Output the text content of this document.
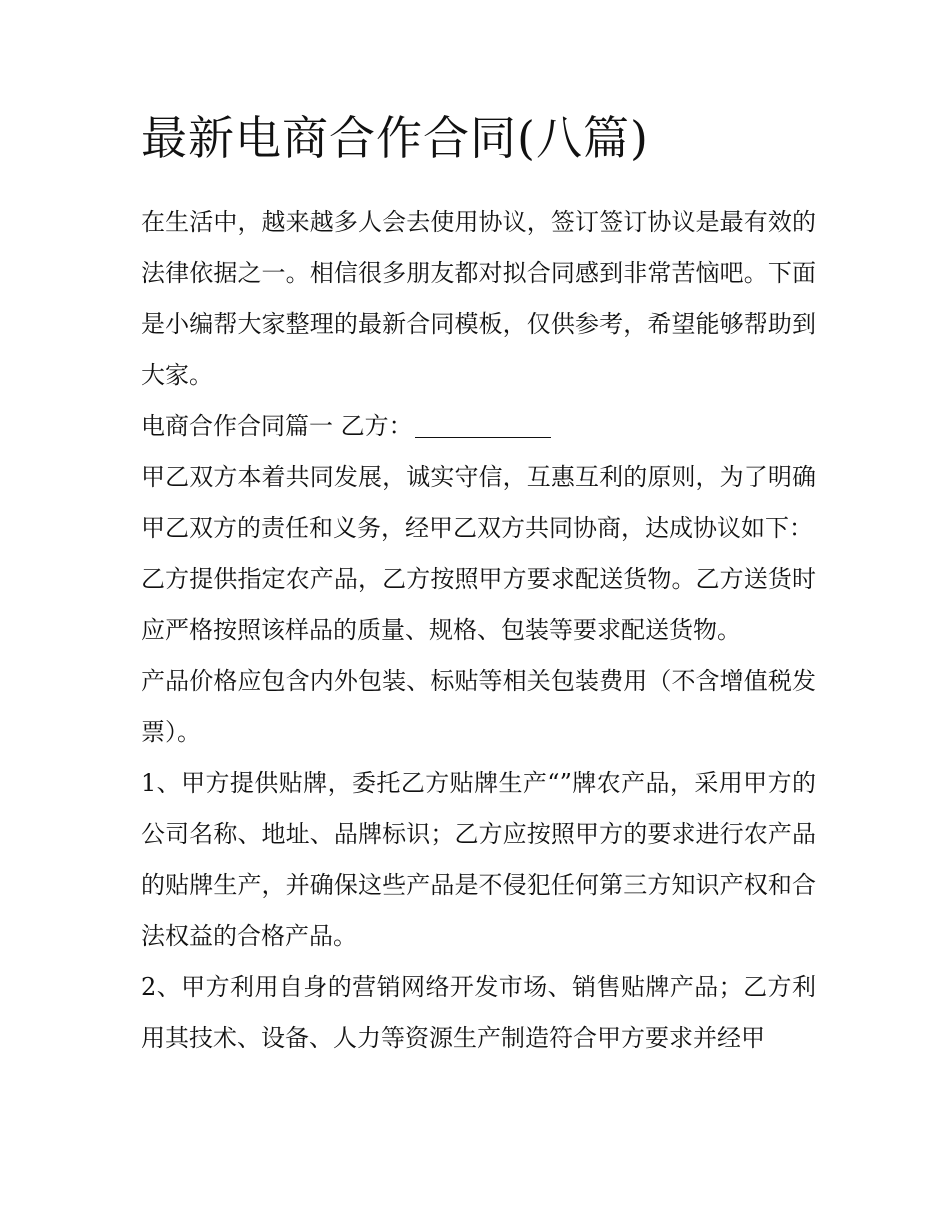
最新电商合作合同(八篇)

在生活中，越来越多人会去使用协议，签订签订协议是最有效的法律依据之一。相信很多朋友都对拟合同感到非常苦恼吧。下面是小编帮大家整理的最新合同模板，仅供参考，希望能够帮助到大家。

电商合作合同篇一 乙方：

甲乙双方本着共同发展，诚实守信，互惠互利的原则，为了明确甲乙双方的责任和义务，经甲乙双方共同协商，达成协议如下：

乙方提供指定农产品，乙方按照甲方要求配送货物。乙方送货时应严格按照该样品的质量、规格、包装等要求配送货物。

产品价格应包含内外包装、标贴等相关包装费用（不含增值税发票）。

1、甲方提供贴牌，委托乙方贴牌生产“”牌农产品，采用甲方的公司名称、地址、品牌标识；乙方应按照甲方的要求进行农产品的贴牌生产，并确保这些产品是不侵犯任何第三方知识产权和合法权益的合格产品。

2、甲方利用自身的营销网络开发市场、销售贴牌产品；乙方利用其技术、设备、人力等资源生产制造符合甲方要求并经甲
